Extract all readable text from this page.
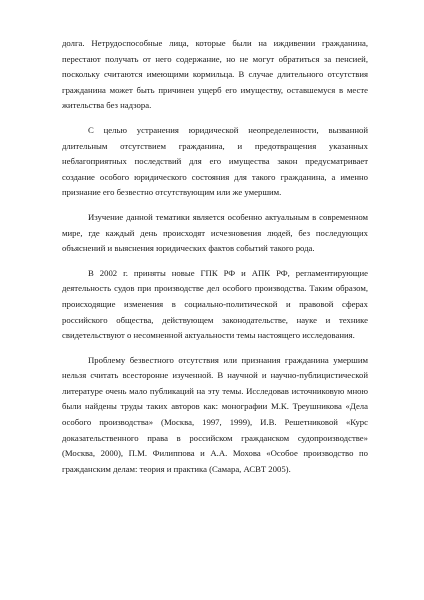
долга. Нетрудоспособные лица, которые были на иждивении гражданина, перестают получать от него содержание, но не могут обратиться за пенсией, поскольку считаются имеющими кормильца. В случае длительного отсутствия гражданина может быть причинен ущерб его имуществу, оставшемуся в месте жительства без надзора.

С целью устранения юридической неопределенности, вызванной длительным отсутствием гражданина, и предотвращения указанных неблагоприятных последствий для его имущества закон предусматривает создание особого юридического состояния для такого гражданина, а именно признание его безвестно отсутствующим или же умершим.

Изучение данной тематики является особенно актуальным в современном мире, где каждый день происходят исчезновения людей, без последующих объяснений и выяснения юридических фактов событий такого рода.

В 2002 г. приняты новые ГПК РФ и АПК РФ, регламентирующие деятельность судов при производстве дел особого производства. Таким образом, происходящие изменения в социально-политической и правовой сферах российского общества, действующем законодательстве, науке и технике свидетельствуют о несомненной актуальности темы настоящего исследования.

Проблему безвестного отсутствия или признания гражданина умершим нельзя считать всесторонне изученной. В научной и научно-публицистической литературе очень мало публикаций на эту темы. Исследовав источниковую мною были найдены труды таких авторов как: монографии М.К. Треушникова «Дела особого производства» (Москва, 1997, 1999), И.В. Решетниковой «Курс доказательственного права в российском гражданском судопроизводстве» (Москва, 2000), П.М. Филиппова и А.А. Мохова «Особое производство по гражданским делам: теория и практика (Самара, АСВТ 2005).
